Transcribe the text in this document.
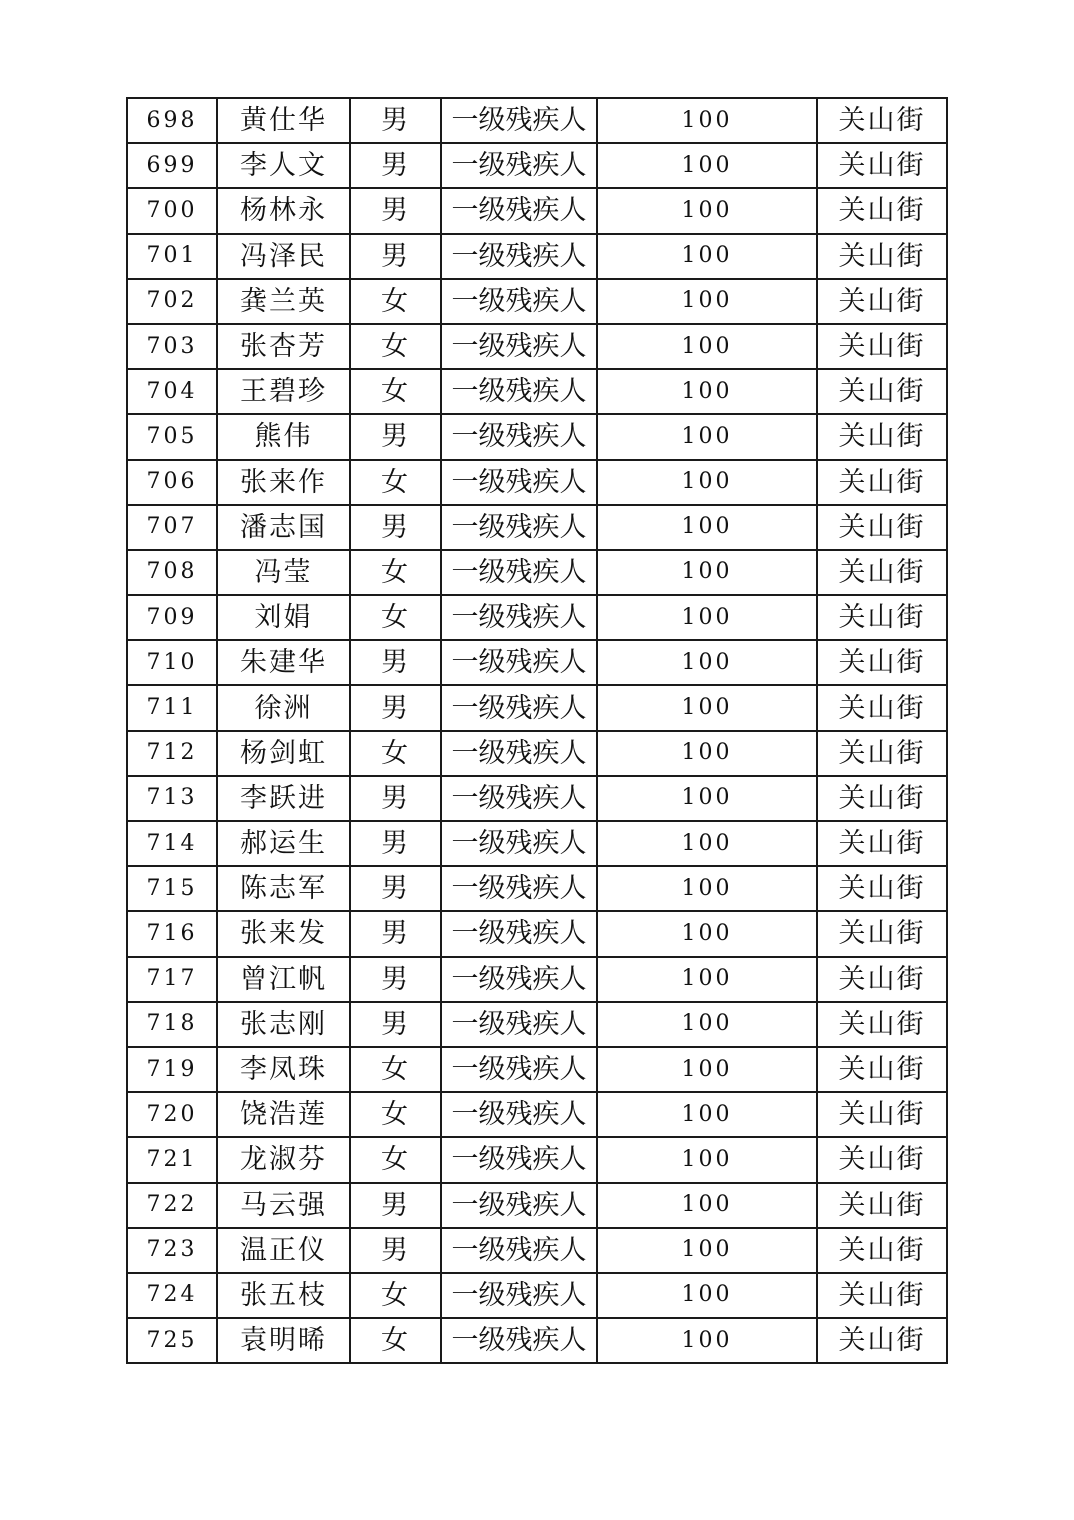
698	黄仕华	男	一级残疾人	100	关山街
699	李人文	男	一级残疾人	100	关山街
700	杨林永	男	一级残疾人	100	关山街
701	冯泽民	男	一级残疾人	100	关山街
702	龚兰英	女	一级残疾人	100	关山街
703	张杏芳	女	一级残疾人	100	关山街
704	王碧珍	女	一级残疾人	100	关山街
705	熊伟	男	一级残疾人	100	关山街
706	张来作	女	一级残疾人	100	关山街
707	潘志国	男	一级残疾人	100	关山街
708	冯莹	女	一级残疾人	100	关山街
709	刘娟	女	一级残疾人	100	关山街
710	朱建华	男	一级残疾人	100	关山街
711	徐洲	男	一级残疾人	100	关山街
712	杨剑虹	女	一级残疾人	100	关山街
713	李跃进	男	一级残疾人	100	关山街
714	郝运生	男	一级残疾人	100	关山街
715	陈志军	男	一级残疾人	100	关山街
716	张来发	男	一级残疾人	100	关山街
717	曾江帆	男	一级残疾人	100	关山街
718	张志刚	男	一级残疾人	100	关山街
719	李凤珠	女	一级残疾人	100	关山街
720	饶浩莲	女	一级残疾人	100	关山街
721	龙淑芬	女	一级残疾人	100	关山街
722	马云强	男	一级残疾人	100	关山街
723	温正仪	男	一级残疾人	100	关山街
724	张五枝	女	一级残疾人	100	关山街
725	袁明晞	女	一级残疾人	100	关山街
